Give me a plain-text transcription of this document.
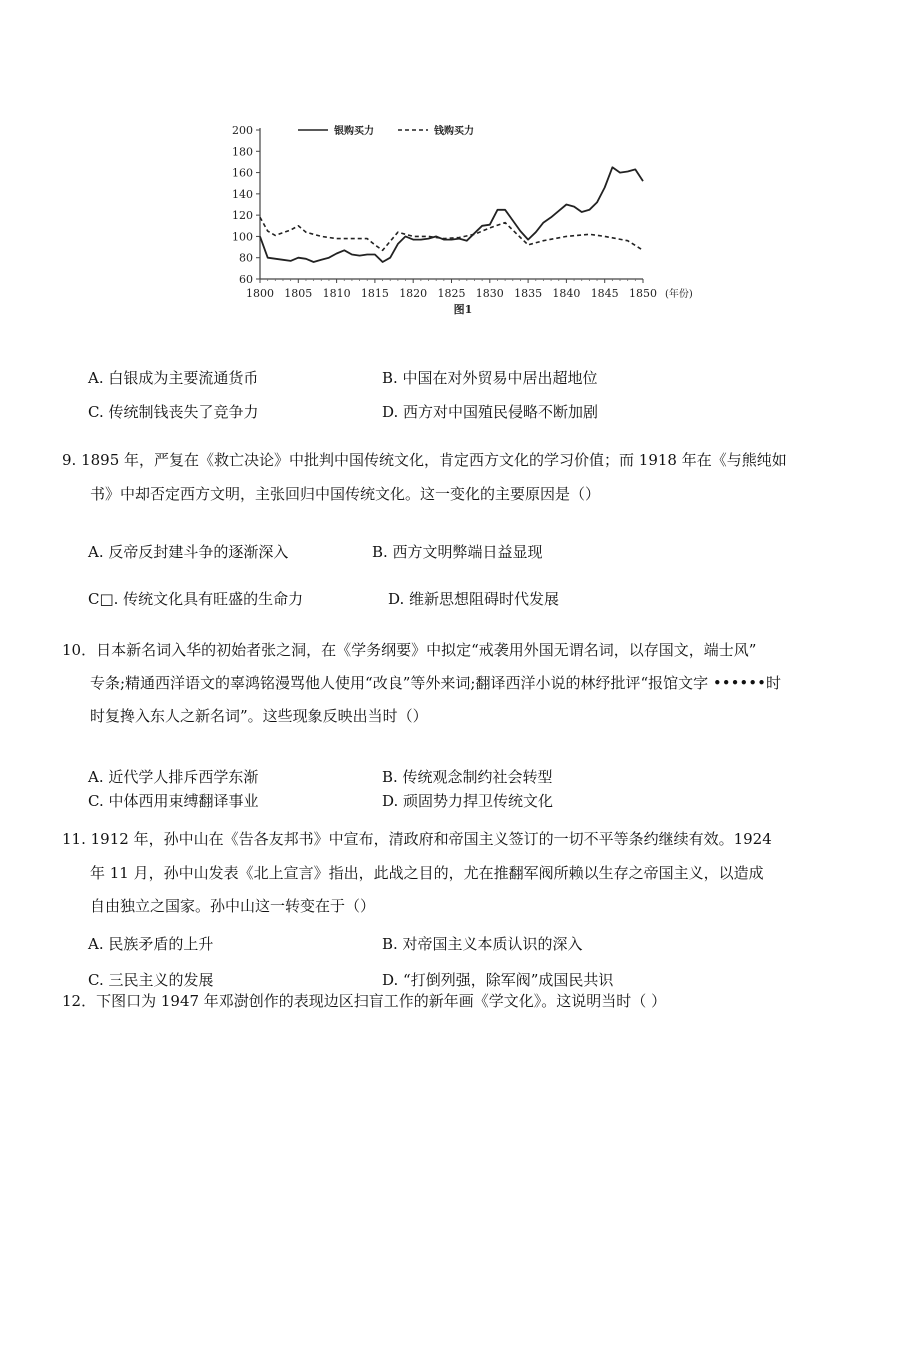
60
80
100
120
140
160
180
200
1800 1805 1810 1815 1820 1825 1830 1835 1840 1845 1850 (年份)
图1
银购买力	钱购买力
A. 白银成为主要流通货币	B. 中国在对外贸易中居出超地位
C. 传统制钱丧失了竞争力	D. 西方对中国殖民侵略不断加剧
9. 1895 年，严复在《救亡决论》中批判中国传统文化，肯定西方文化的学习价值；而 1918 年在《与熊纯如
书》中却否定西方文明，主张回归中国传统文化。这一变化的主要原因是（）
A. 反帝反封建斗争的逐渐深入	B. 西方文明弊端日益显现
C□. 传统文化具有旺盛的生命力	D. 维新思想阻碍时代发展
10．日本新名词入华的初始者张之洞，在《学务纲要》中拟定“戒袭用外国无谓名词，以存国文，端士风”
专条;精通西洋语文的辜鸿铭漫骂他人使用“改良”等外来词;翻译西洋小说的林纾批评“报馆文字 ••••••时
时复搀入东人之新名词”。这些现象反映出当时（）
A. 近代学人排斥西学东渐	B. 传统观念制约社会转型
C. 中体西用束缚翻译事业	D. 顽固势力捍卫传统文化
11. 1912 年，孙中山在《告各友邦书》中宣布，清政府和帝国主义签订的一切不平等条约继续有效。1924
年 11 月，孙中山发表《北上宣言》指出，此战之目的，尤在推翻军阀所赖以生存之帝国主义，以造成
自由独立之国家。孙中山这一转变在于（）
A. 民族矛盾的上升	B. 对帝国主义本质认识的深入
C. 三民主义的发展	D. “打倒列强，除军阀”成国民共识
12．下图口为 1947 年邓澍创作的表现边区扫盲工作的新年画《学文化》。这说明当时（ ）
